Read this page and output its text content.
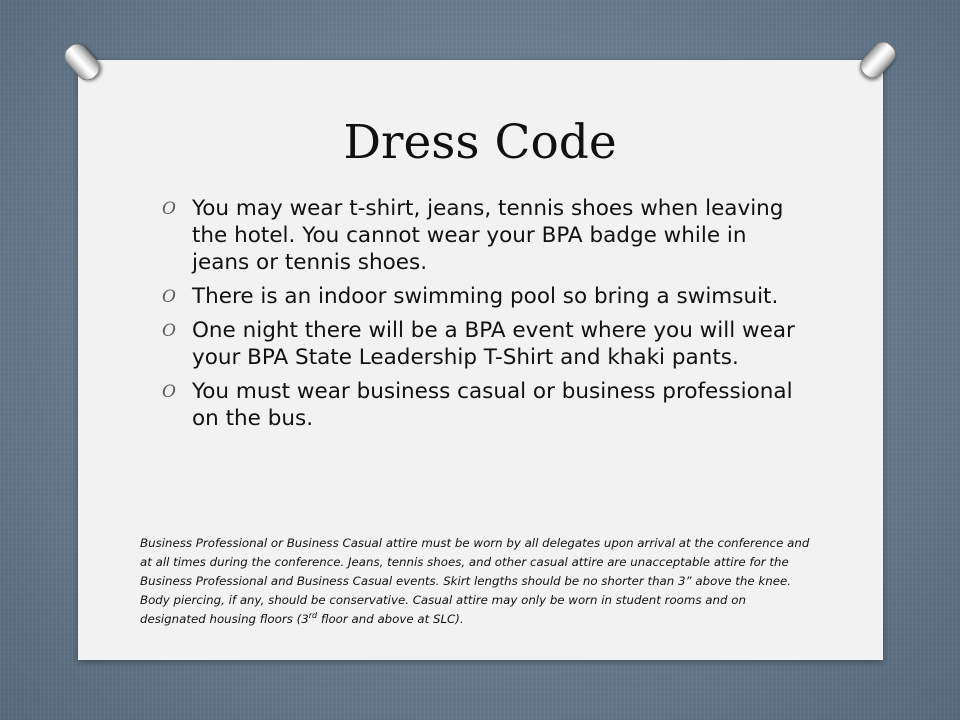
Dress Code
O You may wear t-shirt, jeans, tennis shoes when leaving the hotel. You cannot wear your BPA badge while in jeans or tennis shoes.
O There is an indoor swimming pool so bring a swimsuit.
O One night there will be a BPA event where you will wear your BPA State Leadership T-Shirt and khaki pants.
O You must wear business casual or business professional on the bus.

Business Professional or Business Casual attire must be worn by all delegates upon arrival at the conference and at all times during the conference. Jeans, tennis shoes, and other casual attire are unacceptable attire for the Business Professional and Business Casual events. Skirt lengths should be no shorter than 3” above the knee. Body piercing, if any, should be conservative. Casual attire may only be worn in student rooms and on designated housing floors (3rd floor and above at SLC).
